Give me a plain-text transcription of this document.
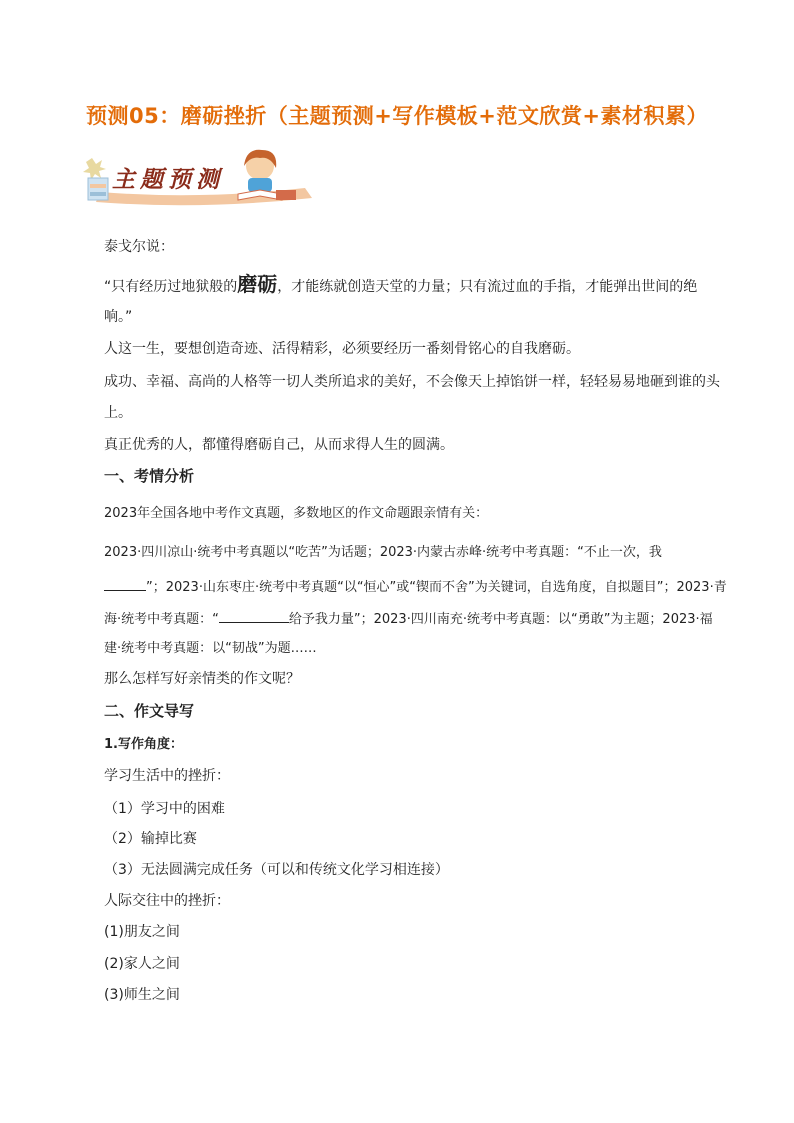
预测05：磨砺挫折（主题预测+写作模板+范文欣赏+素材积累）
主题预测
泰戈尔说：
“只有经历过地狱般的磨砺，才能练就创造天堂的力量；只有流过血的手指，才能弹出世间的绝
响。”
人这一生，要想创造奇迹、活得精彩，必须要经历一番刻骨铭心的自我磨砺。
成功、幸福、高尚的人格等一切人类所追求的美好，不会像天上掉馅饼一样，轻轻易易地砸到谁的头
上。
真正优秀的人，都懂得磨砺自己，从而求得人生的圆满。
一、考情分析
2023年全国各地中考作文真题，多数地区的作文命题跟亲情有关：
2023·四川凉山·统考中考真题以“吃苦”为话题；2023·内蒙古赤峰·统考中考真题：“不止一次，我
”；2023·山东枣庄·统考中考真题“以“恒心”或“锲而不舍”为关键词，自选角度，自拟题目”；2023·青
海·统考中考真题：“	给予我力量”；2023·四川南充·统考中考真题：以“勇敢”为主题；2023·福
建·统考中考真题：以“韧战”为题……
那么怎样写好亲情类的作文呢？
二、作文导写
1.写作角度：
学习生活中的挫折：
（1）学习中的困难
（2）输掉比赛
（3）无法圆满完成任务（可以和传统文化学习相连接）
人际交往中的挫折：
(1)朋友之间
(2)家人之间
(3)师生之间
